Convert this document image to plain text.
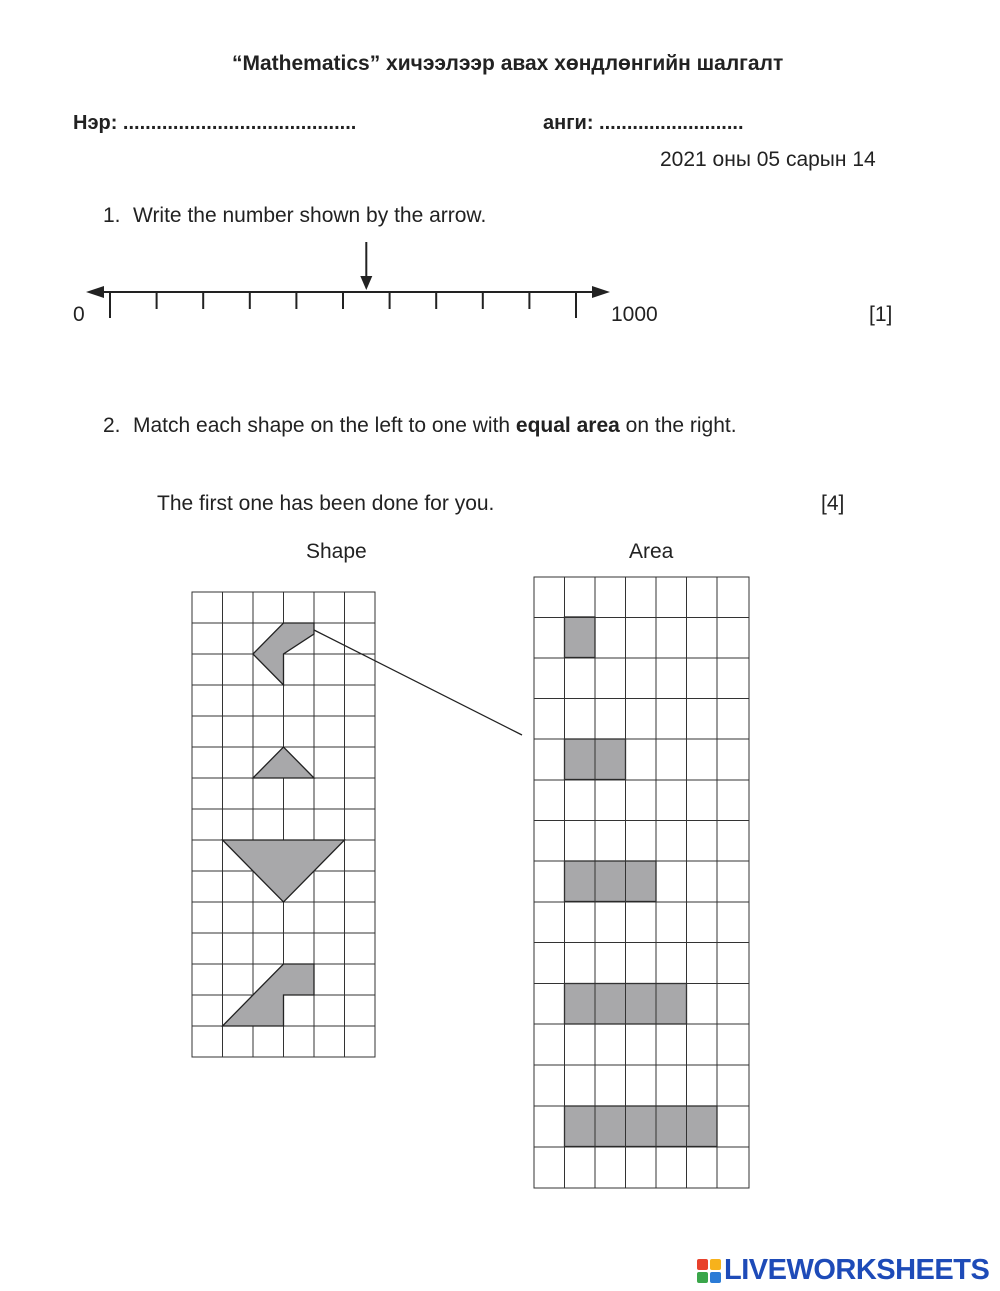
“Mathematics” хичээлээр авах хөндлөнгийн шалгалт
Нэр: ..........................................	анги: ..........................
2021 оны 05 сарын 14
1. Write the number shown by the arrow.
0	1000	[1]
2. Match each shape on the left to one with equal area on the right.
The first one has been done for you.	[4]
Shape	Area
LIVEWORKSHEETS
